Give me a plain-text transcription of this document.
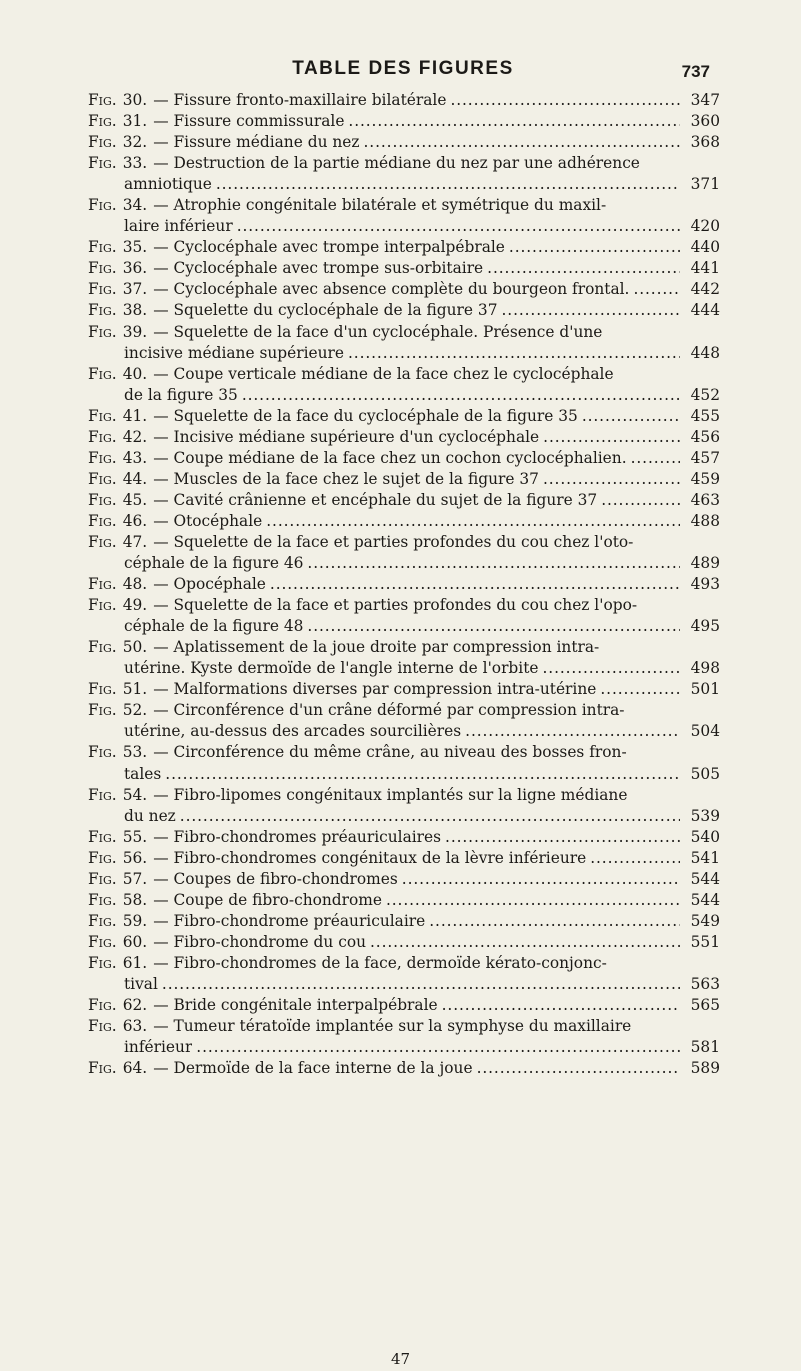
TABLE DES FIGURES	737
Fig. 30. — Fissure fronto-maxillaire bilatérale . . .	347
Fig. 31. — Fissure commissurale . . .	360
Fig. 32. — Fissure médiane du nez . . .	368
Fig. 33. — Destruction de la partie médiane du nez par une adhérence
amniotique . . .	371
Fig. 34. — Atrophie congénitale bilatérale et symétrique du maxil-
laire inférieur . . .	420
Fig. 35. — Cyclocéphale avec trompe interpalpébrale . . .	440
Fig. 36. — Cyclocéphale avec trompe sus-orbitaire . . .	441
Fig. 37. — Cyclocéphale avec absence complète du bourgeon frontal. . . .	442
Fig. 38. — Squelette du cyclocéphale de la figure 37 . . .	444
Fig. 39. — Squelette de la face d'un cyclocéphale. Présence d'une
incisive médiane supérieure . . .	448
Fig. 40. — Coupe verticale médiane de la face chez le cyclocéphale
de la figure 35 . . .	452
Fig. 41. — Squelette de la face du cyclocéphale de la figure 35 . . .	455
Fig. 42. — Incisive médiane supérieure d'un cyclocéphale . . .	456
Fig. 43. — Coupe médiane de la face chez un cochon cyclocéphalien. . . .	457
Fig. 44. — Muscles de la face chez le sujet de la figure 37 . . .	459
Fig. 45. — Cavité crânienne et encéphale du sujet de la figure 37 . . .	463
Fig. 46. — Otocéphale . . .	488
Fig. 47. — Squelette de la face et parties profondes du cou chez l'oto-
céphale de la figure 46 . . .	489
Fig. 48. — Opocéphale . . .	493
Fig. 49. — Squelette de la face et parties profondes du cou chez l'opo-
céphale de la figure 48 . . .	495
Fig. 50. — Aplatissement de la joue droite par compression intra-
utérine. Kyste dermoïde de l'angle interne de l'orbite . . .	498
Fig. 51. — Malformations diverses par compression intra-utérine . . .	501
Fig. 52. — Circonférence d'un crâne déformé par compression intra-
utérine, au-dessus des arcades sourcilières . . .	504
Fig. 53. — Circonférence du même crâne, au niveau des bosses fron-
tales . . .	505
Fig. 54. — Fibro-lipomes congénitaux implantés sur la ligne médiane
du nez . . .	539
Fig. 55. — Fibro-chondromes préauriculaires . . .	540
Fig. 56. — Fibro-chondromes congénitaux de la lèvre inférieure . . .	541
Fig. 57. — Coupes de fibro-chondromes . . .	544
Fig. 58. — Coupe de fibro-chondrome . . .	544
Fig. 59. — Fibro-chondrome préauriculaire . . .	549
Fig. 60. — Fibro-chondrome du cou . . .	551
Fig. 61. — Fibro-chondromes de la face, dermoïde kérato-conjonc-
tival . . .	563
Fig. 62. — Bride congénitale interpalpébrale . . .	565
Fig. 63. — Tumeur tératoïde implantée sur la symphyse du maxillaire
inférieur . . .	581
Fig. 64. — Dermoïde de la face interne de la joue . . .	589
47
